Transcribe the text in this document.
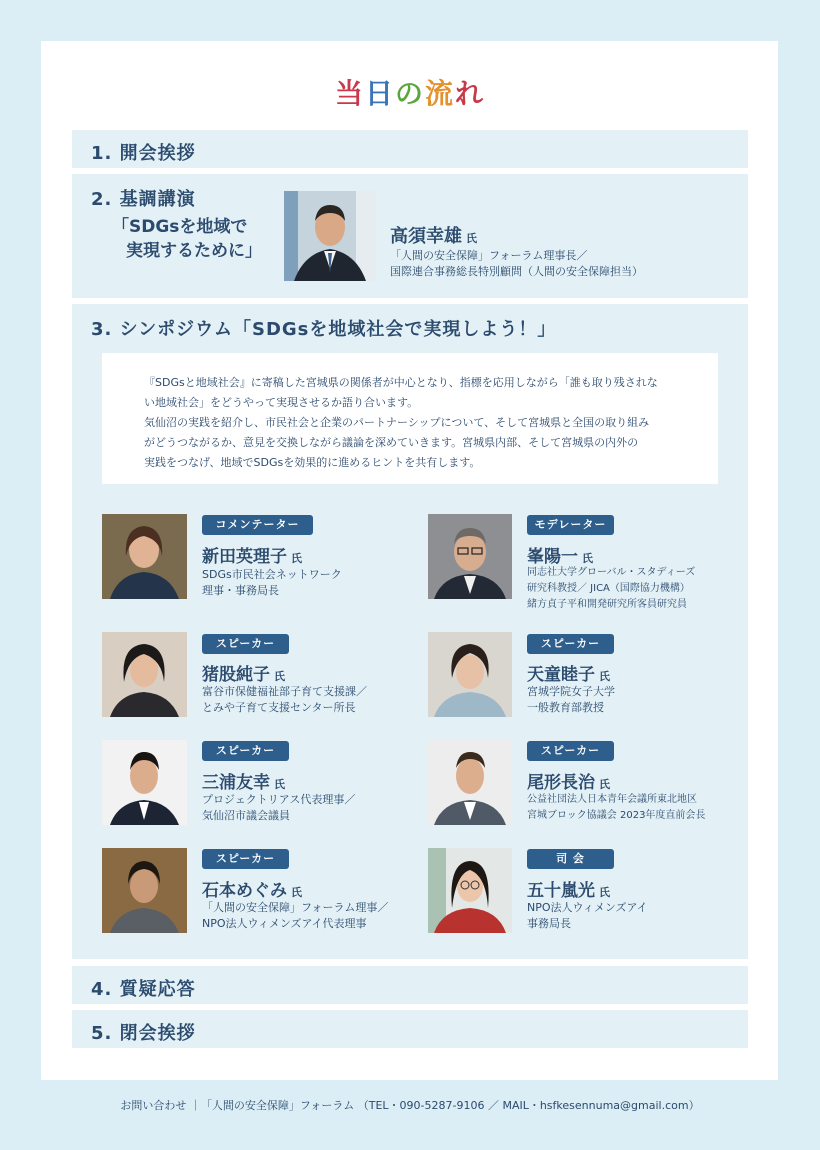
当日の流れ
1. 開会挨拶
2. 基調講演
「SDGsを地域で
実現するために」
高須幸雄 氏
「人間の安全保障」フォーラム理事長／
国際連合事務総長特別顧問（人間の安全保障担当）
3. シンポジウム「SDGsを地域社会で実現しよう！」
『SDGsと地域社会』に寄稿した宮城県の関係者が中心となり、指標を応用しながら「誰も取り残されな
い地域社会」をどうやって実現させるか語り合います。
気仙沼の実践を紹介し、市民社会と企業のパートナーシップについて、そして宮城県と全国の取り組み
がどうつながるか、意見を交換しながら議論を深めていきます。宮城県内部、そして宮城県の内外の
実践をつなげ、地域でSDGsを効果的に進めるヒントを共有します。
コメンテーター
新田英理子 氏
SDGs市民社会ネットワーク
理事・事務局長
スピーカー
猪股純子 氏
富谷市保健福祉部子育て支援課／
とみや子育て支援センター所長
スピーカー
三浦友幸 氏
プロジェクトリアス代表理事／
気仙沼市議会議員
スピーカー
石本めぐみ 氏
「人間の安全保障」フォーラム理事／
NPO法人ウィメンズアイ代表理事
モデレーター
峯陽一 氏
同志社大学グローバル・スタディーズ
研究科教授／ JICA（国際協力機構）
緒方貞子平和開発研究所客員研究員
スピーカー
天童睦子 氏
宮城学院女子大学
一般教育部教授
スピーカー
尾形長治 氏
公益社団法人日本青年会議所東北地区
宮城ブロック協議会 2023年度直前会長
司 会
五十嵐光 氏
NPO法人ウィメンズアイ
事務局長
4. 質疑応答
5. 閉会挨拶
お問い合わせ ｜「人間の安全保障」フォーラム （TEL・090-5287-9106 ／ MAIL・hsfkesennuma@gmail.com）
